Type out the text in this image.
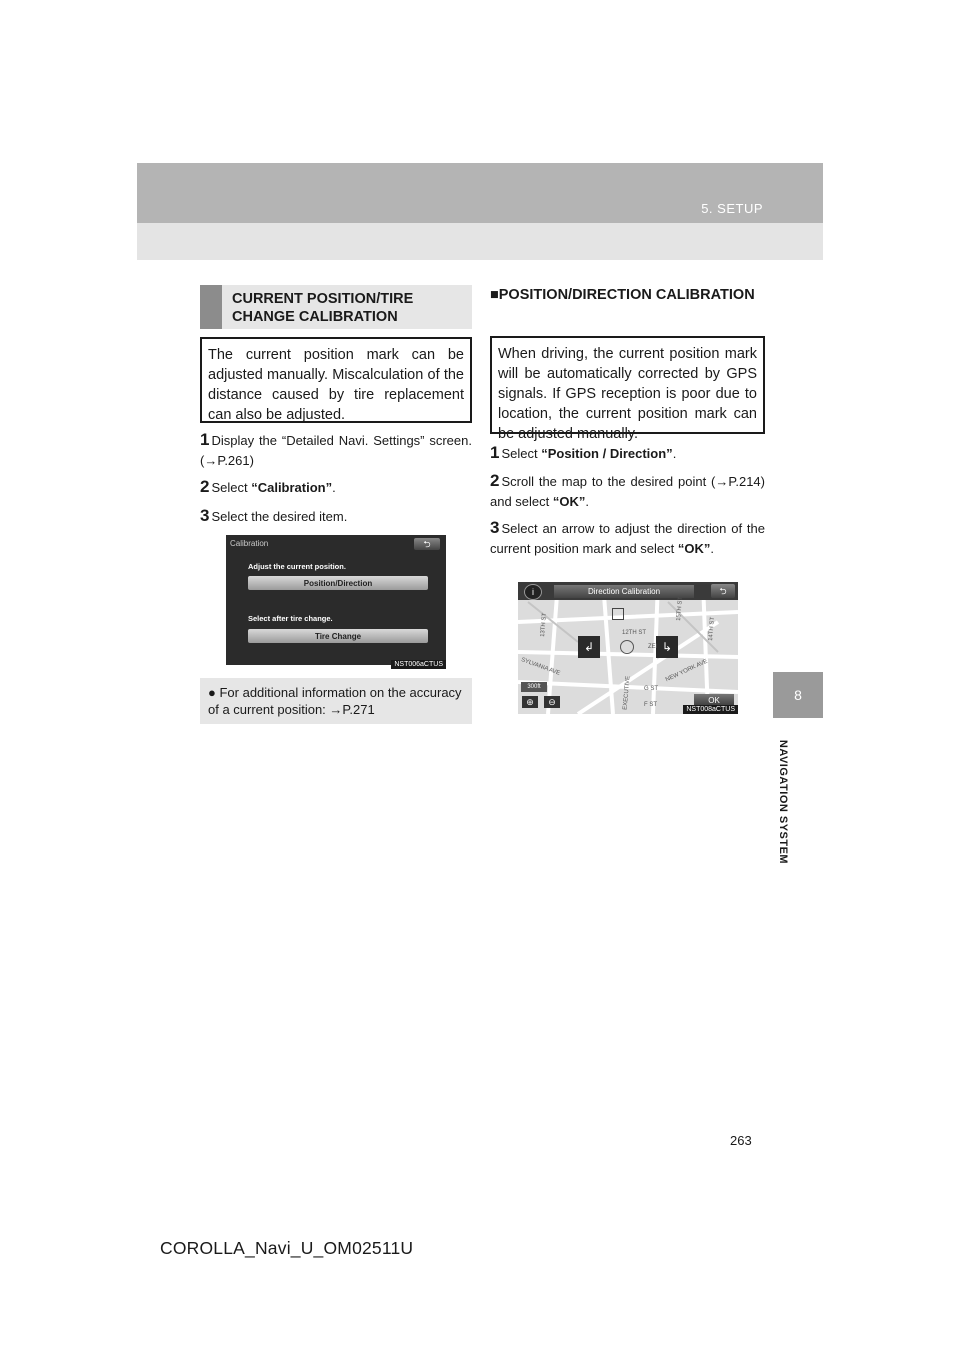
5. SETUP
8
NAVIGATION SYSTEM
CURRENT POSITION/TIRE
CHANGE CALIBRATION
The current position mark can be adjusted manually. Miscalculation of the distance caused by tire replacement can also be adjusted.
1 Display the “Detailed Navi. Settings” screen. (→P.261)
2 Select “Calibration”.
3 Select the desired item.
Calibration	⮌
Adjust the current position.
Position/Direction
Select after tire change.
Tire Change
NST006aCTUS
● For additional information on the accuracy of a current position: →P.271
■POSITION/DIRECTION CALIBRATION
When driving, the current position mark will be automatically corrected by GPS signals. If GPS reception is poor due to location, the current position mark can be adjusted manually.
1 Select “Position / Direction”.
2 Scroll the map to the desired point (→P.214) and select “OK”.
3 Select an arrow to adjust the direction of the current position mark and select “OK”.
i	Direction Calibration	⮌
↲	↳
13TH ST	12TH ST
NEW YORK AVE
G ST
F ST
EXECUTIVE
SYLVANIA AVE
ZEI
14TH ST
15TH ST
300ft
⊕	⊖	OK
NST008aCTUS
263
COROLLA_Navi_U_OM02511U
